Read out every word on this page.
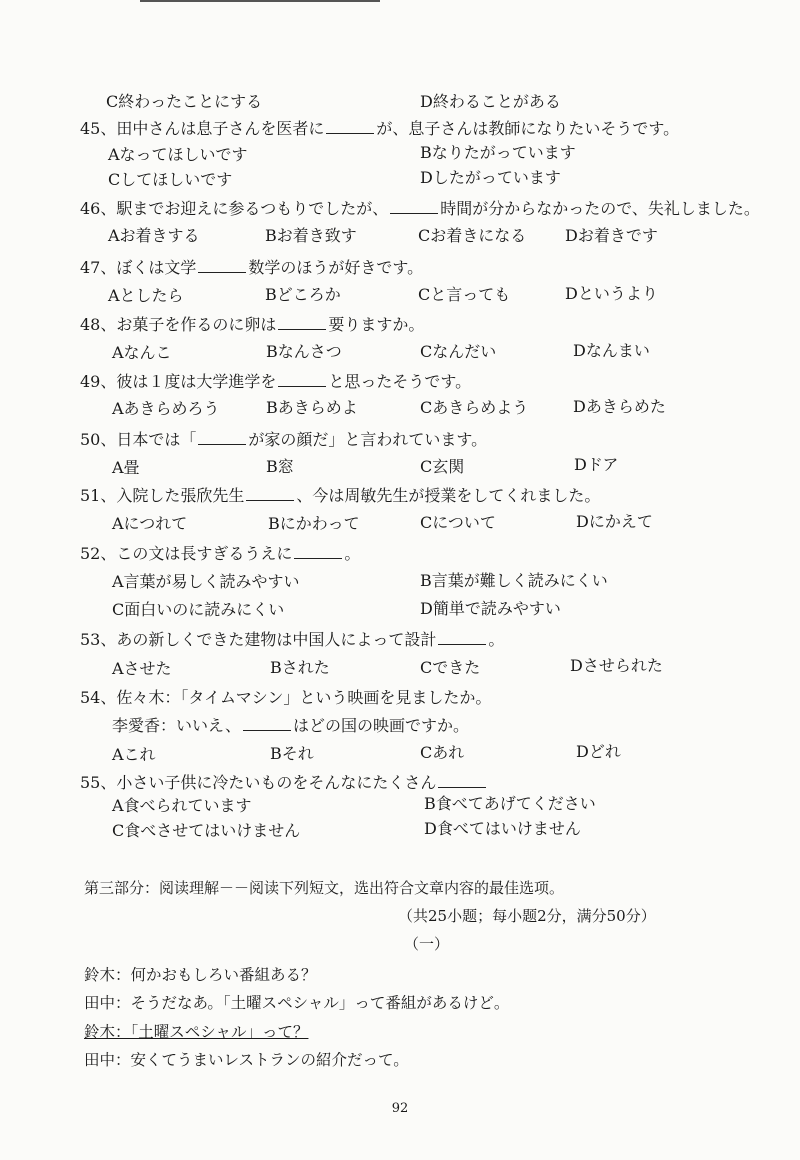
C終わったことにする	D終わることがある
45、田中さんは息子さんを医者に	が、息子さんは教師になりたいそうです。
Aなってほしいです	Bなりたがっています
Cしてほしいです	Dしたがっています
46、駅までお迎えに参るつもりでしたが、	時間が分からなかったので、失礼しました。
Aお着きする	Bお着き致す	Cお着きになる Dお着きです
47、ぼくは文学	数学のほうが好きです。
Aとしたら	Bどころか	Cと言っても	Dというより
48、お菓子を作るのに卵は	要りますか。
Aなんこ	Bなんさつ	Cなんだい	Dなんまい
49、彼は１度は大学進学を	と思ったそうです。
Aあきらめろう	Bあきらめよ	Cあきらめよう	Dあきらめた
50、日本では「	が家の顔だ」と言われています。
A畳	B窓	C玄関	Dドア
51、入院した張欣先生	、今は周敏先生が授業をしてくれました。
Aにつれて	Bにかわって	Cについて	Dにかえて
52、この文は長すぎるうえに	。
A言葉が易しく読みやすい	B言葉が難しく読みにくい
C面白いのに読みにくい	D簡単で読みやすい
53、あの新しくできた建物は中国人によって設計	。
Aさせた	Bされた	Cできた	Dさせられた
54、佐々木：「タイムマシン」という映画を見ましたか。
李愛香：いいえ、	はどの国の映画ですか。
Aこれ	Bそれ	Cあれ	Dどれ
55、小さい子供に冷たいものをそんなにたくさん
A食べられています	B食べてあげてください
C食べさせてはいけません	D食べてはいけません
第三部分：阅读理解－－阅读下列短文，选出符合文章内容的最佳选项。
（共25小题；每小题2分，满分50分）
（一）
鈴木：何かおもしろい番組ある？
田中：そうだなあ。「土曜スペシャル」って番組があるけど。
鈴木：「土曜スペシャル」って？
田中：安くてうまいレストランの紹介だって。
92
